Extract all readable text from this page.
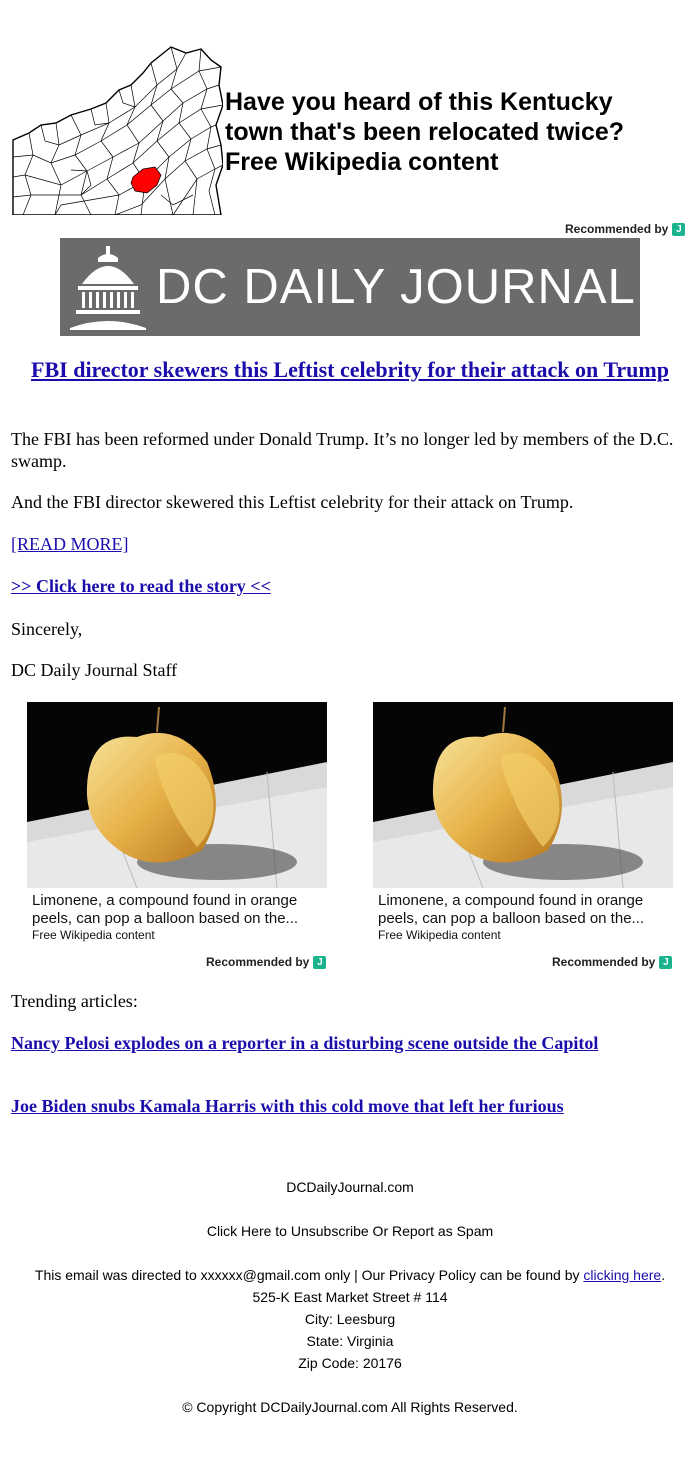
Have you heard of this Kentucky
town that's been relocated twice?
Free Wikipedia content
Recommended by J
DC DAILY JOURNAL
FBI director skewers this Leftist celebrity for their attack on Trump

The FBI has been reformed under Donald Trump. It’s no longer led by members of the D.C. swamp.

And the FBI director skewered this Leftist celebrity for their attack on Trump.

[READ MORE]

>> Click here to read the story <<

Sincerely,

DC Daily Journal Staff

Limonene, a compound found in orange peels, can pop a balloon based on the...
Free Wikipedia content
Recommended by J
Limonene, a compound found in orange peels, can pop a balloon based on the...
Free Wikipedia content
Recommended by J

Trending articles:

Nancy Pelosi explodes on a reporter in a disturbing scene outside the Capitol

Joe Biden snubs Kamala Harris with this cold move that left her furious

DCDailyJournal.com
Click Here to Unsubscribe Or Report as Spam
This email was directed to xxxxxx@gmail.com only | Our Privacy Policy can be found by clicking here.
525-K East Market Street # 114
City: Leesburg
State: Virginia
Zip Code: 20176
© Copyright DCDailyJournal.com All Rights Reserved.
